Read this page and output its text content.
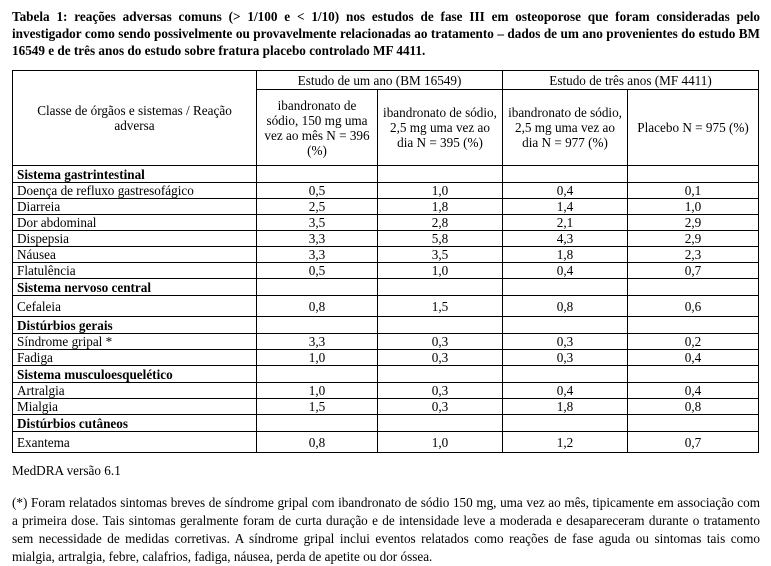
Tabela 1: reações adversas comuns (> 1/100 e < 1/10) nos estudos de fase III em osteoporose que foram consideradas pelo investigador como sendo possivelmente ou provavelmente relacionadas ao tratamento – dados de um ano provenientes do estudo BM 16549 e de três anos do estudo sobre fratura placebo controlado MF 4411.
Classe de órgãos e sistemas / Reação adversa	Estudo de um ano (BM 16549)		Estudo de três anos (MF 4411)	
	ibandronato de sódio, 150 mg uma vez ao mês N = 396 (%)	ibandronato de sódio, 2,5 mg uma vez ao dia N = 395 (%)	ibandronato de sódio, 2,5 mg uma vez ao dia N = 977 (%)	Placebo N = 975 (%)
Sistema gastrintestinal				
Doença de refluxo gastresofágico	0,5	1,0	0,4	0,1
Diarreia	2,5	1,8	1,4	1,0
Dor abdominal	3,5	2,8	2,1	2,9
Dispepsia	3,3	5,8	4,3	2,9
Náusea	3,3	3,5	1,8	2,3
Flatulência	0,5	1,0	0,4	0,7
Sistema nervoso central				
Cefaleia	0,8	1,5	0,8	0,6
Distúrbios gerais				
Síndrome gripal *	3,3	0,3	0,3	0,2
Fadiga	1,0	0,3	0,3	0,4
Sistema musculoesquelético				
Artralgia	1,0	0,3	0,4	0,4
Mialgia	1,5	0,3	1,8	0,8
Distúrbios cutâneos				
Exantema	0,8	1,0	1,2	0,7
MedDRA versão 6.1
(*) Foram relatados sintomas breves de síndrome gripal com ibandronato de sódio 150 mg, uma vez ao mês, tipicamente em associação com a primeira dose. Tais sintomas geralmente foram de curta duração e de intensidade leve a moderada e desapareceram durante o tratamento sem necessidade de medidas corretivas. A síndrome gripal inclui eventos relatados como reações de fase aguda ou sintomas tais como mialgia, artralgia, febre, calafrios, fadiga, náusea, perda de apetite ou dor óssea.
